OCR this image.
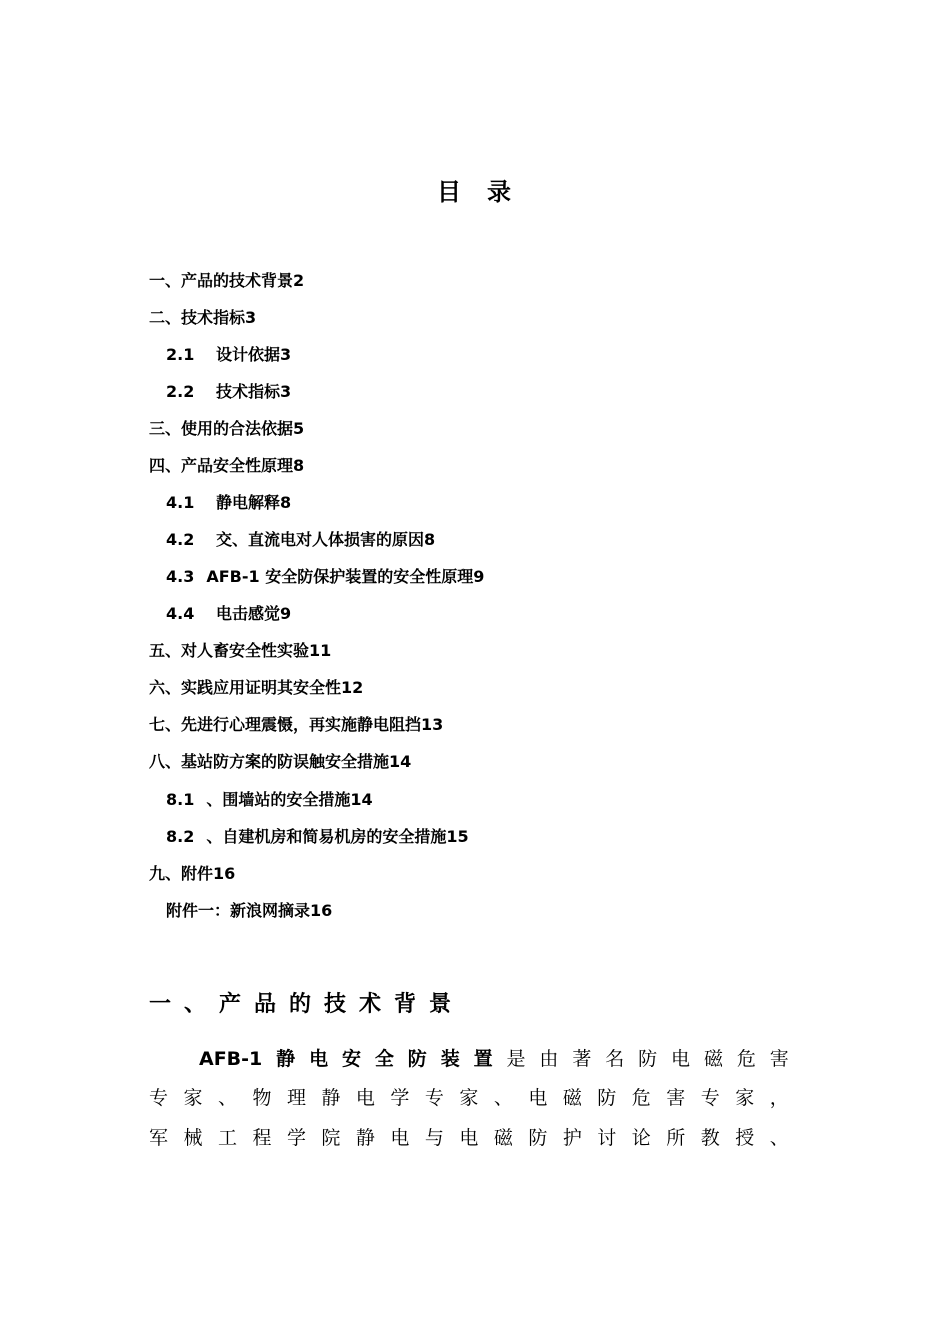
目 录
一、产品的技术背景2
二、技术指标3
2.1 设计依据3
2.2 技术指标3
三、使用的合法依据5
四、产品安全性原理8
4.1 静电解释8
4.2 交、直流电对人体损害的原因8
4.3 AFB-1 安全防保护装置的安全性原理9
4.4 电击感觉9
五、对人畜安全性实验11
六、实践应用证明其安全性12
七、先进行心理震慑，再实施静电阻挡13
八、基站防方案的防误触安全措施14
8.1 、围墙站的安全措施14
8.2 、自建机房和简易机房的安全措施15
九、附件16
附件一：新浪网摘录16
一、产品的技术背景
AFB-1 静 电 安 全 防 装 置 是 由 著 名 防 电 磁 危 害
专 家 、 物 理 静 电 学 专 家 、 电 磁 防 危 害 专 家 ，
军 械 工 程 学 院 静 电 与 电 磁 防 护 讨 论 所 教 授 、
